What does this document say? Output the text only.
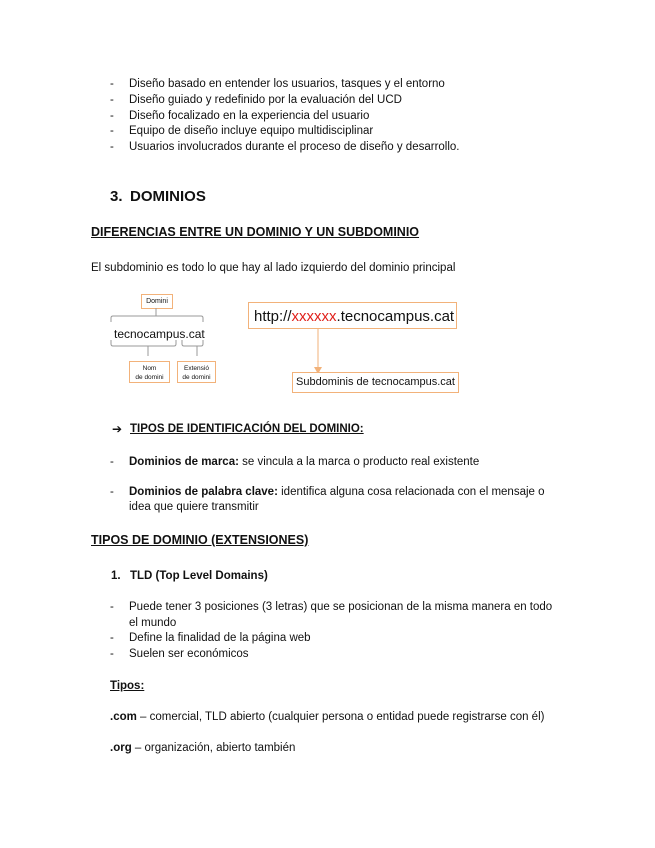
- Diseño basado en entender los usuarios, tasques y el entorno
- Diseño guiado y redefinido por la evaluación del UCD
- Diseño focalizado en la experiencia del usuario
- Equipo de diseño incluye equipo multidisciplinar
- Usuarios involucrados durante el proceso de diseño y desarrollo.
3. DOMINIOS
DIFERENCIAS ENTRE UN DOMINIO Y UN SUBDOMINIO
El subdominio es todo lo que hay al lado izquierdo del dominio principal
Domini
tecnocampus.cat
Nom
de domini
Extensió
de domini
http://xxxxxx.tecnocampus.cat
Subdominis de tecnocampus.cat
➔ TIPOS DE IDENTIFICACIÓN DEL DOMINIO:
- Dominios de marca: se vincula a la marca o producto real existente
- Dominios de palabra clave: identifica alguna cosa relacionada con el mensaje o
idea que quiere transmitir
TIPOS DE DOMINIO (EXTENSIONES)
1. TLD (Top Level Domains)
- Puede tener 3 posiciones (3 letras) que se posicionan de la misma manera en todo
el mundo
- Define la finalidad de la página web
- Suelen ser económicos
Tipos:
.com – comercial, TLD abierto (cualquier persona o entidad puede registrarse con él)
.org – organización, abierto también
